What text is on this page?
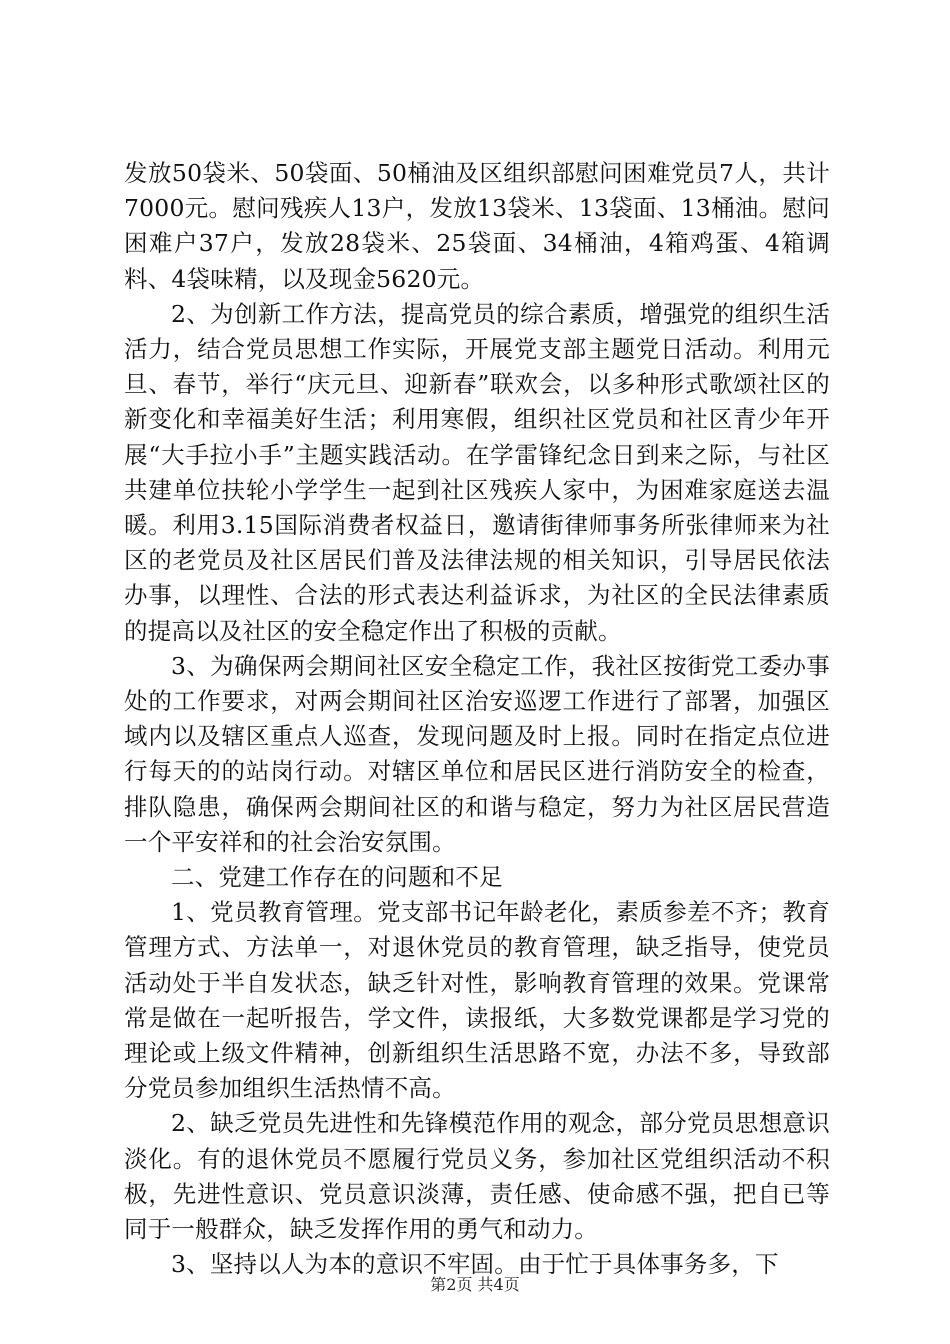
发放50袋米、50袋面、50桶油及区组织部慰问困难党员7人，共计7000元。慰问残疾人13户，发放13袋米、13袋面、13桶油。慰问困难户37户，发放28袋米、25袋面、34桶油，4箱鸡蛋、4箱调料、4袋味精，以及现金5620元。

2、为创新工作方法，提高党员的综合素质，增强党的组织生活活力，结合党员思想工作实际，开展党支部主题党日活动。利用元旦、春节，举行“庆元旦、迎新春”联欢会，以多种形式歌颂社区的新变化和幸福美好生活；利用寒假，组织社区党员和社区青少年开展“大手拉小手”主题实践活动。在学雷锋纪念日到来之际，与社区共建单位扶轮小学学生一起到社区残疾人家中，为困难家庭送去温暖。利用3.15国际消费者权益日，邀请街律师事务所张律师来为社区的老党员及社区居民们普及法律法规的相关知识，引导居民依法办事，以理性、合法的形式表达利益诉求，为社区的全民法律素质的提高以及社区的安全稳定作出了积极的贡献。

3、为确保两会期间社区安全稳定工作，我社区按街党工委办事处的工作要求，对两会期间社区治安巡逻工作进行了部署，加强区域内以及辖区重点人巡查，发现问题及时上报。同时在指定点位进行每天的的站岗行动。对辖区单位和居民区进行消防安全的检查，排队隐患，确保两会期间社区的和谐与稳定，努力为社区居民营造一个平安祥和的社会治安氛围。

二、党建工作存在的问题和不足

1、党员教育管理。党支部书记年龄老化，素质参差不齐；教育管理方式、方法单一，对退休党员的教育管理，缺乏指导，使党员活动处于半自发状态，缺乏针对性，影响教育管理的效果。党课常常是做在一起听报告，学文件，读报纸，大多数党课都是学习党的理论或上级文件精神，创新组织生活思路不宽，办法不多，导致部分党员参加组织生活热情不高。

2、缺乏党员先进性和先锋模范作用的观念，部分党员思想意识淡化。有的退休党员不愿履行党员义务，参加社区党组织活动不积极，先进性意识、党员意识淡薄，责任感、使命感不强，把自已等同于一般群众，缺乏发挥作用的勇气和动力。

3、坚持以人为本的意识不牢固。由于忙于具体事务多，下

第2页 共4页
